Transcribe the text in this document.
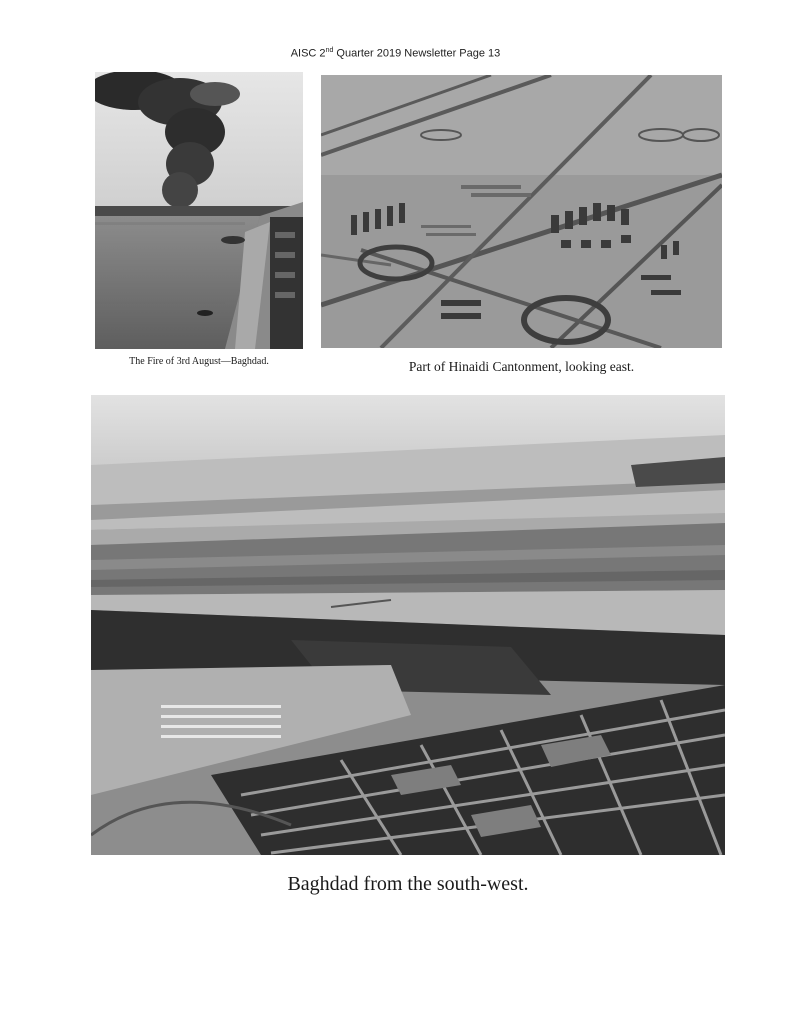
AISC 2nd Quarter 2019 Newsletter Page 13
The Fire of 3rd August—Baghdad.	Part of Hinaidi Cantonment, looking east.
Baghdad from the south-west.
